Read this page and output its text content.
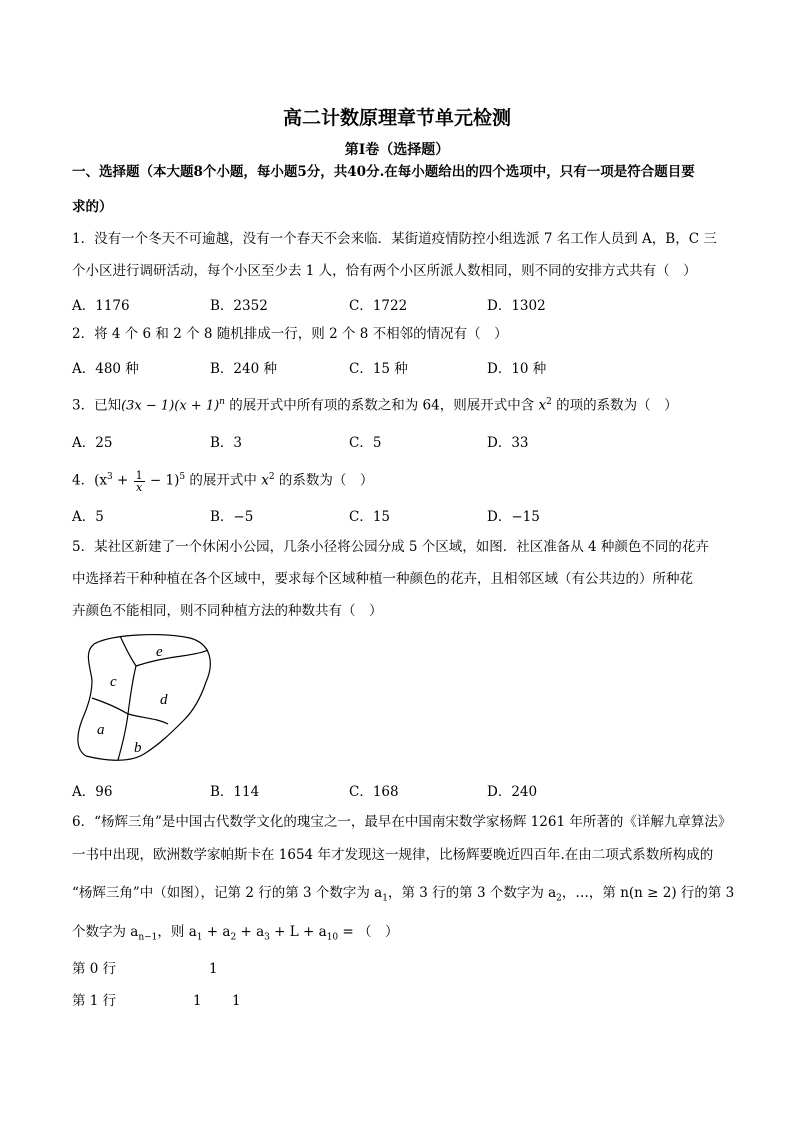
高二计数原理章节单元检测
第Ⅰ卷（选择题）
一、选择题（本大题8个小题，每小题5分，共40分.在每小题给出的四个选项中，只有一项是符合题目要
求的）
1．没有一个冬天不可逾越，没有一个春天不会来临．某街道疫情防控小组选派 7 名工作人员到 A，B，C 三
个小区进行调研活动，每个小区至少去 1 人，恰有两个小区所派人数相同，则不同的安排方式共有（　）
A．1176	B．2352	C．1722	D．1302
2．将 4 个 6 和 2 个 8 随机排成一行，则 2 个 8 不相邻的情况有（　）
A．480 种	B．240 种	C．15 种	D．10 种
3．已知$(3x - 1)(x + 1)^n$ 的展开式中所有项的系数之和为 64，则展开式中含 $x^2$ 的项的系数为（　）
A．25	B．3	C．5	D．33
4．$(x^3 + \frac{1}{x} - 1)^5$ 的展开式中 $x^2$ 的系数为（　）
A．5	B．−5	C．15	D．−15
5．某社区新建了一个休闲小公园，几条小径将公园分成 5 个区域，如图．社区准备从 4 种颜色不同的花卉
中选择若干种种植在各个区域中，要求每个区域种植一种颜色的花卉，且相邻区域（有公共边的）所种花
卉颜色不能相同，则不同种植方法的种数共有（　）
e
c
d
a
b
A．96	B．114	C．168	D．240
6．“杨辉三角”是中国古代数学文化的瑰宝之一，最早在中国南宋数学家杨辉 1261 年所著的《详解九章算法》
一书中出现，欧洲数学家帕斯卡在 1654 年才发现这一规律，比杨辉要晚近四百年.在由二项式系数所构成的
“杨辉三角”中（如图），记第 2 行的第 3 个数字为 $a_1$，第 3 行的第 3 个数字为 $a_2$，…，第 n(n ≥ 2) 行的第 3
个数字为 $a_{n-1}$，则 $a_1 + a_2 + a_3 + L + a_{10}$ = （　）
第 0 行	1
第 1 行	1 1
